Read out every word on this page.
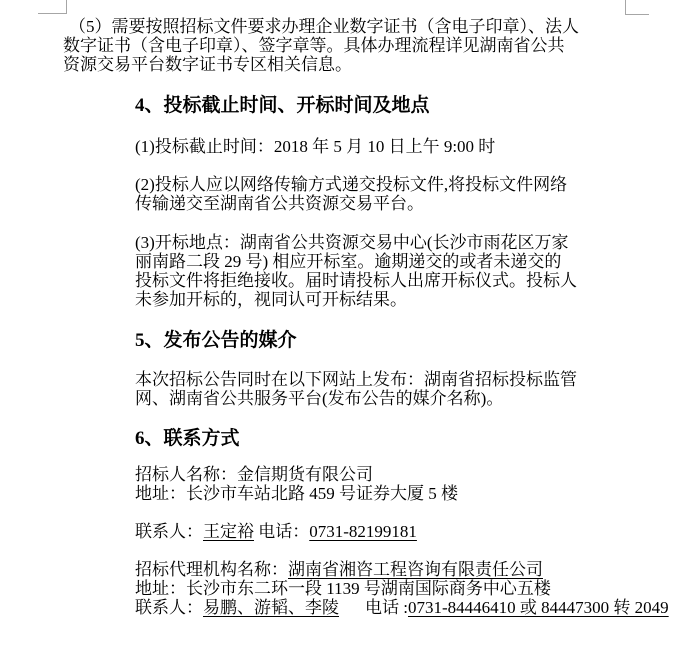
（5）需要按照招标文件要求办理企业数字证书（含电子印章）、法人
数字证书（含电子印章）、签字章等。具体办理流程详见湖南省公共
资源交易平台数字证书专区相关信息。
4、投标截止时间、开标时间及地点
(1)投标截止时间：2018 年 5 月 10 日上午 9:00 时
(2)投标人应以网络传输方式递交投标文件,将投标文件网络
传输递交至湖南省公共资源交易平台。
(3)开标地点：湖南省公共资源交易中心(长沙市雨花区万家
丽南路二段 29 号) 相应开标室。逾期递交的或者未递交的
投标文件将拒绝接收。届时请投标人出席开标仪式。投标人
未参加开标的，视同认可开标结果。
5、发布公告的媒介
本次招标公告同时在以下网站上发布：湖南省招标投标监管
网、湖南省公共服务平台(发布公告的媒介名称)。
6、联系方式
招标人名称：金信期货有限公司
地址：长沙市车站北路 459 号证券大厦 5 楼
联系人：王定裕 电话：0731-82199181
招标代理机构名称：湖南省湘咨工程咨询有限责任公司
地址：长沙市东二环一段 1139 号湖南国际商务中心五楼
联系人：易鹏、游韬、李陵 电话 :0731-84446410 或 84447300 转 2049
